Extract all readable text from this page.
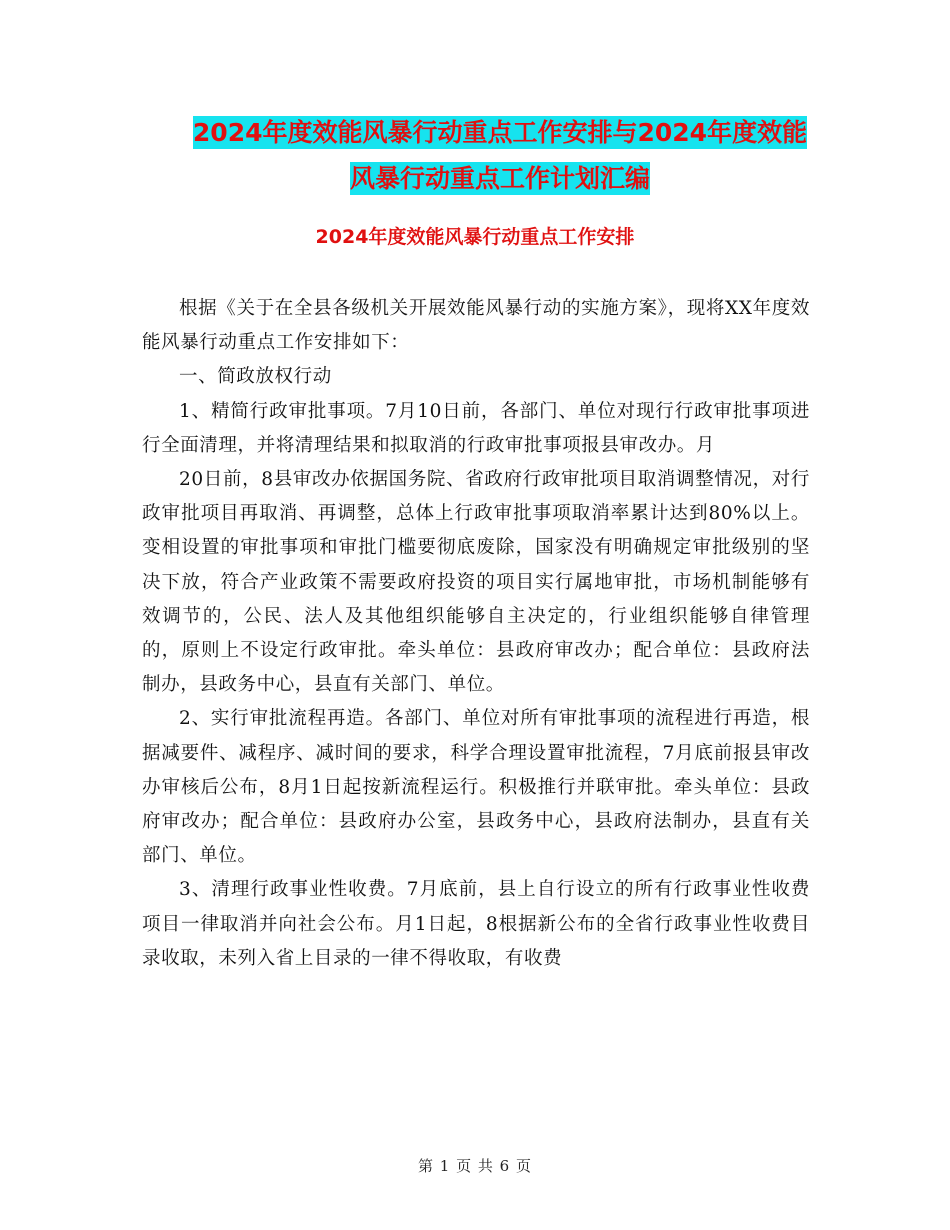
2024年度效能风暴行动重点工作安排与2024年度效能
风暴行动重点工作计划汇编
2024年度效能风暴行动重点工作安排

根据《关于在全县各级机关开展效能风暴行动的实施方案》，现将XX年度效能风暴行动重点工作安排如下：

一、简政放权行动

1、精简行政审批事项。7月10日前，各部门、单位对现行行政审批事项进行全面清理，并将清理结果和拟取消的行政审批事项报县审改办。月

20日前，8县审改办依据国务院、省政府行政审批项目取消调整情况，对行政审批项目再取消、再调整，总体上行政审批事项取消率累计达到80%以上。变相设置的审批事项和审批门槛要彻底废除，国家没有明确规定审批级别的坚决下放，符合产业政策不需要政府投资的项目实行属地审批，市场机制能够有效调节的，公民、法人及其他组织能够自主决定的，行业组织能够自律管理的，原则上不设定行政审批。牵头单位：县政府审改办；配合单位：县政府法制办，县政务中心，县直有关部门、单位。

2、实行审批流程再造。各部门、单位对所有审批事项的流程进行再造，根据减要件、减程序、减时间的要求，科学合理设置审批流程，7月底前报县审改办审核后公布，8月1日起按新流程运行。积极推行并联审批。牵头单位：县政府审改办；配合单位：县政府办公室，县政务中心，县政府法制办，县直有关部门、单位。

3、清理行政事业性收费。7月底前，县上自行设立的所有行政事业性收费项目一律取消并向社会公布。月1日起，8根据新公布的全省行政事业性收费目录收取，未列入省上目录的一律不得收取，有收费

第 1 页 共 6 页
